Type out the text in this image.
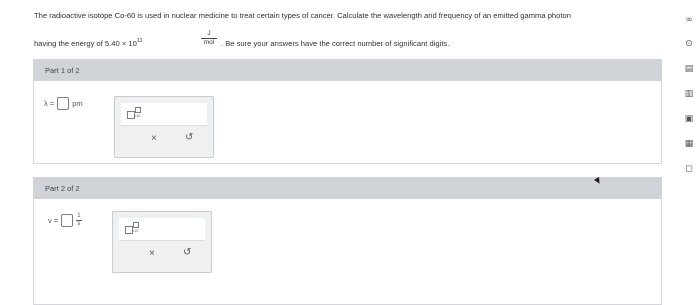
The radioactive isotope Co-60 is used in nuclear medicine to treat certain types of cancer. Calculate the wavelength and frequency of an emitted gamma photon
having the energy of $5.40 \times 10^{11}$
J
mol . Be sure your answers have the correct number of significant digits.
Part 1 of 2
λ = pm
x10
×	↺
Part 2 of 2
ν =	$\frac{1}{s}$
x10
×	↺
∞
⊙
▤
▥
▣
▦
◻
